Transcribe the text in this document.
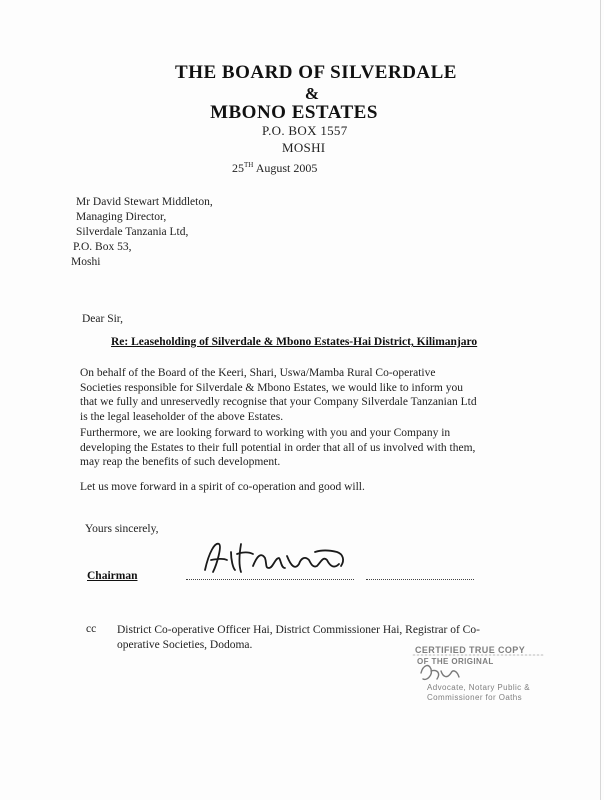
THE BOARD OF SILVERDALE
&
MBONO ESTATES
P.O. BOX 1557
MOSHI
25TH August 2005
Mr David Stewart Middleton,
Managing Director,
Silverdale Tanzania Ltd,
P.O. Box 53,
Moshi
Dear Sir,
Re: Leaseholding of Silverdale & Mbono Estates-Hai District, Kilimanjaro
On behalf of the Board of the Keeri, Shari, Uswa/Mamba Rural Co-operative
Societies responsible for Silverdale & Mbono Estates, we would like to inform you
that we fully and unreservedly recognise that your Company Silverdale Tanzanian Ltd
is the legal leaseholder of the above Estates.
Furthermore, we are looking forward to working with you and your Company in
developing the Estates to their full potential in order that all of us involved with them,
may reap the benefits of such development.
Let us move forward in a spirit of co-operation and good will.
Yours sincerely,
Chairman
cc District Co-operative Officer Hai, District Commissioner Hai, Registrar of Co-
operative Societies, Dodoma.	CERTIFIED TRUE COPY
OF THE ORIGINAL
Advocate, Notary Public &
Commissioner for Oaths
